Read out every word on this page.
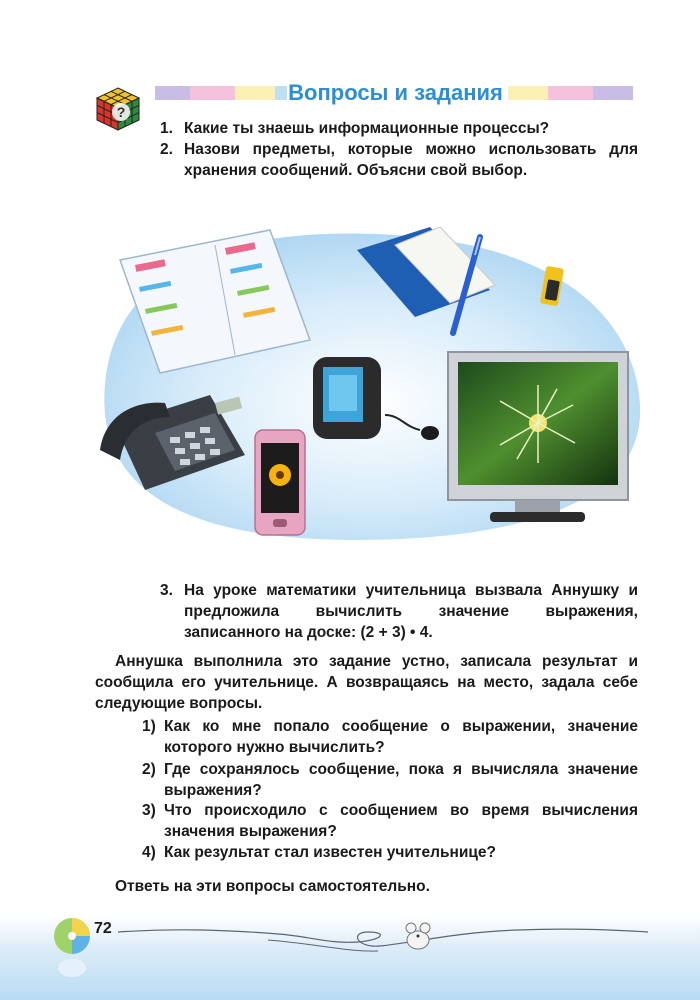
?
Вопросы и задания
1. Какие ты знаешь информационные процессы?
2. Назови предметы, которые можно использовать для хранения сообщений. Объясни свой выбор.
3. На уроке математики учительница вызвала Аннушку и предложила вычислить значение выражения, записанного на доске: (2 + 3) • 4.
Аннушка выполнила это задание устно, записала результат и сообщила его учительнице. А возвращаясь на место, задала себе следующие вопросы.
1) Как ко мне попало сообщение о выражении, значение которого нужно вычислить?
2) Где сохранялось сообщение, пока я вычисляла значение выражения?
3) Что происходило с сообщением во время вычисления значения выражения?
4) Как результат стал известен учительнице?
Ответь на эти вопросы самостоятельно.
72
